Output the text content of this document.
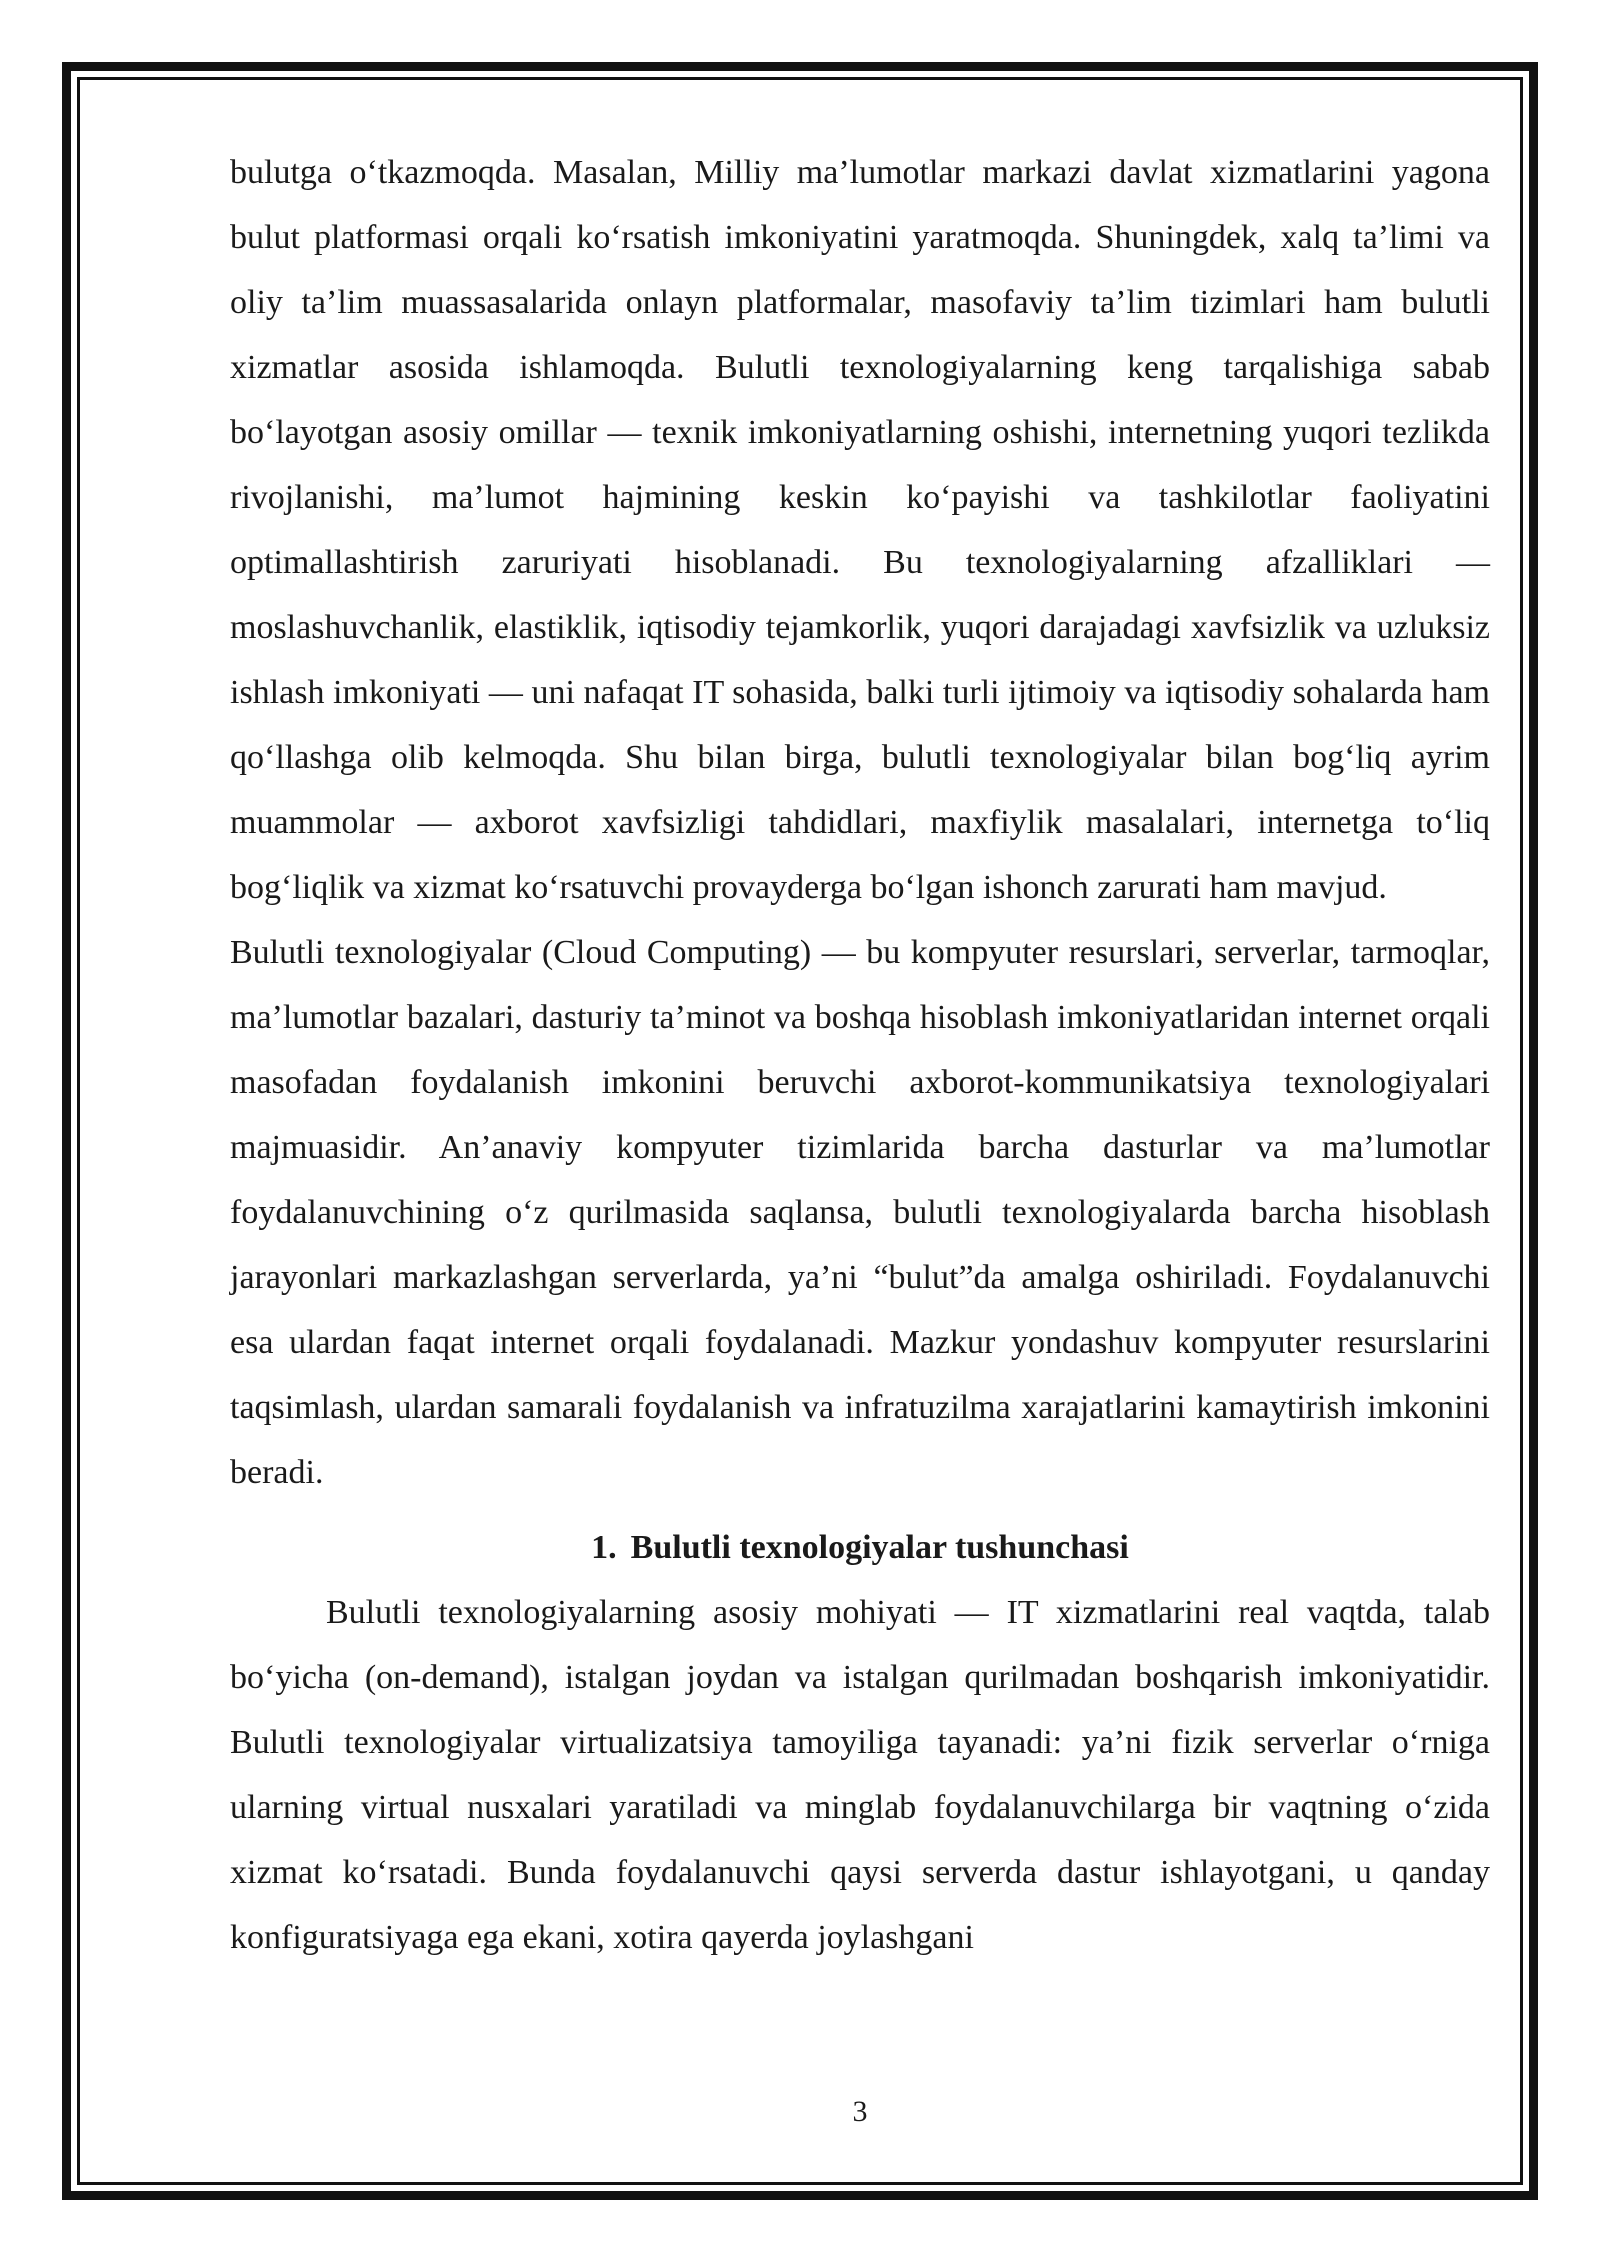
bulutga o‘tkazmoqda. Masalan, Milliy ma’lumotlar markazi davlat xizmatlarini yagona bulut platformasi orqali ko‘rsatish imkoniyatini yaratmoqda. Shuningdek, xalq ta’limi va oliy ta’lim muassasalarida onlayn platformalar, masofaviy ta’lim tizimlari ham bulutli xizmatlar asosida ishlamoqda. Bulutli texnologiyalarning keng tarqalishiga sabab bo‘layotgan asosiy omillar — texnik imkoniyatlarning oshishi, internetning yuqori tezlikda rivojlanishi, ma’lumot hajmining keskin ko‘payishi va tashkilotlar faoliyatini optimallashtirish zaruriyati hisoblanadi. Bu texnologiyalarning afzalliklari — moslashuvchanlik, elastiklik, iqtisodiy tejamkorlik, yuqori darajadagi xavfsizlik va uzluksiz ishlash imkoniyati — uni nafaqat IT sohasida, balki turli ijtimoiy va iqtisodiy sohalarda ham qo‘llashga olib kelmoqda. Shu bilan birga, bulutli texnologiyalar bilan bog‘liq ayrim muammolar — axborot xavfsizligi tahdidlari, maxfiylik masalalari, internetga to‘liq bog‘liqlik va xizmat ko‘rsatuvchi provayderga bo‘lgan ishonch zarurati ham mavjud.

Bulutli texnologiyalar (Cloud Computing) — bu kompyuter resurslari, serverlar, tarmoqlar, ma’lumotlar bazalari, dasturiy ta’minot va boshqa hisoblash imkoniyatlaridan internet orqali masofadan foydalanish imkonini beruvchi axborot-kommunikatsiya texnologiyalari majmuasidir. An’anaviy kompyuter tizimlarida barcha dasturlar va ma’lumotlar foydalanuvchining o‘z qurilmasida saqlansa, bulutli texnologiyalarda barcha hisoblash jarayonlari markazlashgan serverlarda, ya’ni “bulut”da amalga oshiriladi. Foydalanuvchi esa ulardan faqat internet orqali foydalanadi. Mazkur yondashuv kompyuter resurslarini taqsimlash, ulardan samarali foydalanish va infratuzilma xarajatlarini kamaytirish imkonini beradi.

1. Bulutli texnologiyalar tushunchasi

Bulutli texnologiyalarning asosiy mohiyati — IT xizmatlarini real vaqtda, talab bo‘yicha (on-demand), istalgan joydan va istalgan qurilmadan boshqarish imkoniyatidir. Bulutli texnologiyalar virtualizatsiya tamoyiliga tayanadi: ya’ni fizik serverlar o‘rniga ularning virtual nusxalari yaratiladi va minglab foydalanuvchilarga bir vaqtning o‘zida xizmat ko‘rsatadi. Bunda foydalanuvchi qaysi serverda dastur ishlayotgani, u qanday konfiguratsiyaga ega ekani, xotira qayerda joylashgani

3
